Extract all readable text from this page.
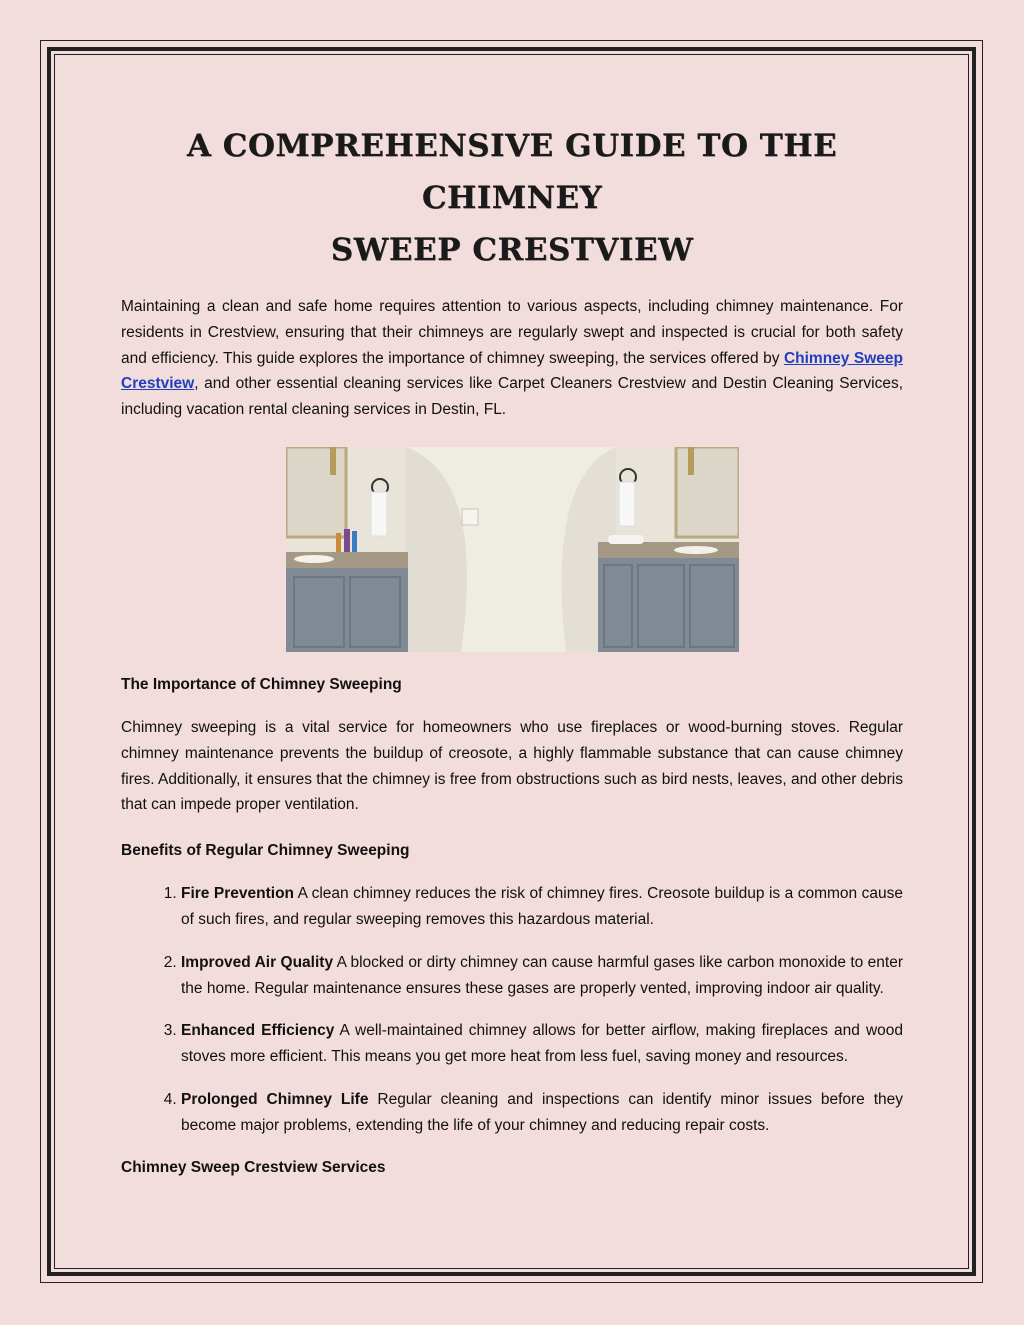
A COMPREHENSIVE GUIDE TO THE CHIMNEY
SWEEP CRESTVIEW

Maintaining a clean and safe home requires attention to various aspects, including chimney maintenance. For residents in Crestview, ensuring that their chimneys are regularly swept and inspected is crucial for both safety and efficiency. This guide explores the importance of chimney sweeping, the services offered by Chimney Sweep Crestview, and other essential cleaning services like Carpet Cleaners Crestview and Destin Cleaning Services, including vacation rental cleaning services in Destin, FL.

The Importance of Chimney Sweeping

Chimney sweeping is a vital service for homeowners who use fireplaces or wood-burning stoves. Regular chimney maintenance prevents the buildup of creosote, a highly flammable substance that can cause chimney fires. Additionally, it ensures that the chimney is free from obstructions such as bird nests, leaves, and other debris that can impede proper ventilation.

Benefits of Regular Chimney Sweeping
1. Fire Prevention A clean chimney reduces the risk of chimney fires. Creosote buildup is a common cause of such fires, and regular sweeping removes this hazardous material.
2. Improved Air Quality A blocked or dirty chimney can cause harmful gases like carbon monoxide to enter the home. Regular maintenance ensures these gases are properly vented, improving indoor air quality.
3. Enhanced Efficiency A well-maintained chimney allows for better airflow, making fireplaces and wood stoves more efficient. This means you get more heat from less fuel, saving money and resources.
4. Prolonged Chimney Life Regular cleaning and inspections can identify minor issues before they become major problems, extending the life of your chimney and reducing repair costs.
Chimney Sweep Crestview Services
